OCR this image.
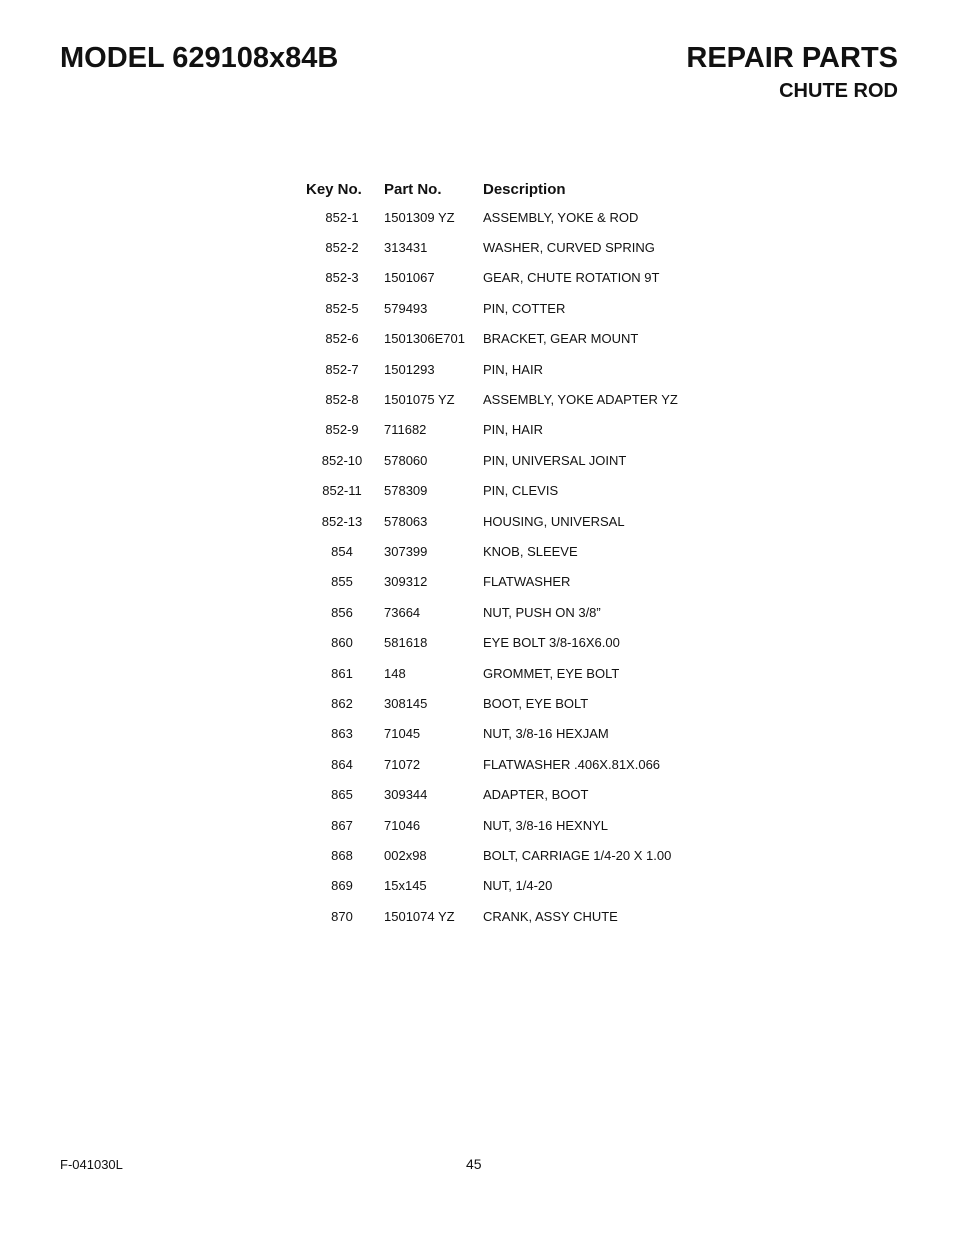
MODEL 629108x84B	REPAIR PARTS
CHUTE ROD
Key No.	Part No.	Description
852-1	1501309 YZ	ASSEMBLY, YOKE & ROD
852-2	313431	WASHER, CURVED SPRING
852-3	1501067	GEAR, CHUTE ROTATION 9T
852-5	579493	PIN, COTTER
852-6	1501306E701	BRACKET, GEAR MOUNT
852-7	1501293	PIN, HAIR
852-8	1501075 YZ	ASSEMBLY, YOKE ADAPTER YZ
852-9	711682	PIN, HAIR
852-10	578060	PIN, UNIVERSAL JOINT
852-11	578309	PIN, CLEVIS
852-13	578063	HOUSING, UNIVERSAL
854	307399	KNOB, SLEEVE
855	309312	FLATWASHER
856	73664	NUT, PUSH ON 3/8”
860	581618	EYE BOLT 3/8-16X6.00
861	148	GROMMET, EYE BOLT
862	308145	BOOT, EYE BOLT
863	71045	NUT, 3/8-16 HEXJAM
864	71072	FLATWASHER .406X.81X.066
865	309344	ADAPTER, BOOT
867	71046	NUT, 3/8-16 HEXNYL
868	002x98	BOLT, CARRIAGE 1/4-20 X 1.00
869	15x145	NUT, 1/4-20
870	1501074 YZ	CRANK, ASSY CHUTE
F-041030L	45
